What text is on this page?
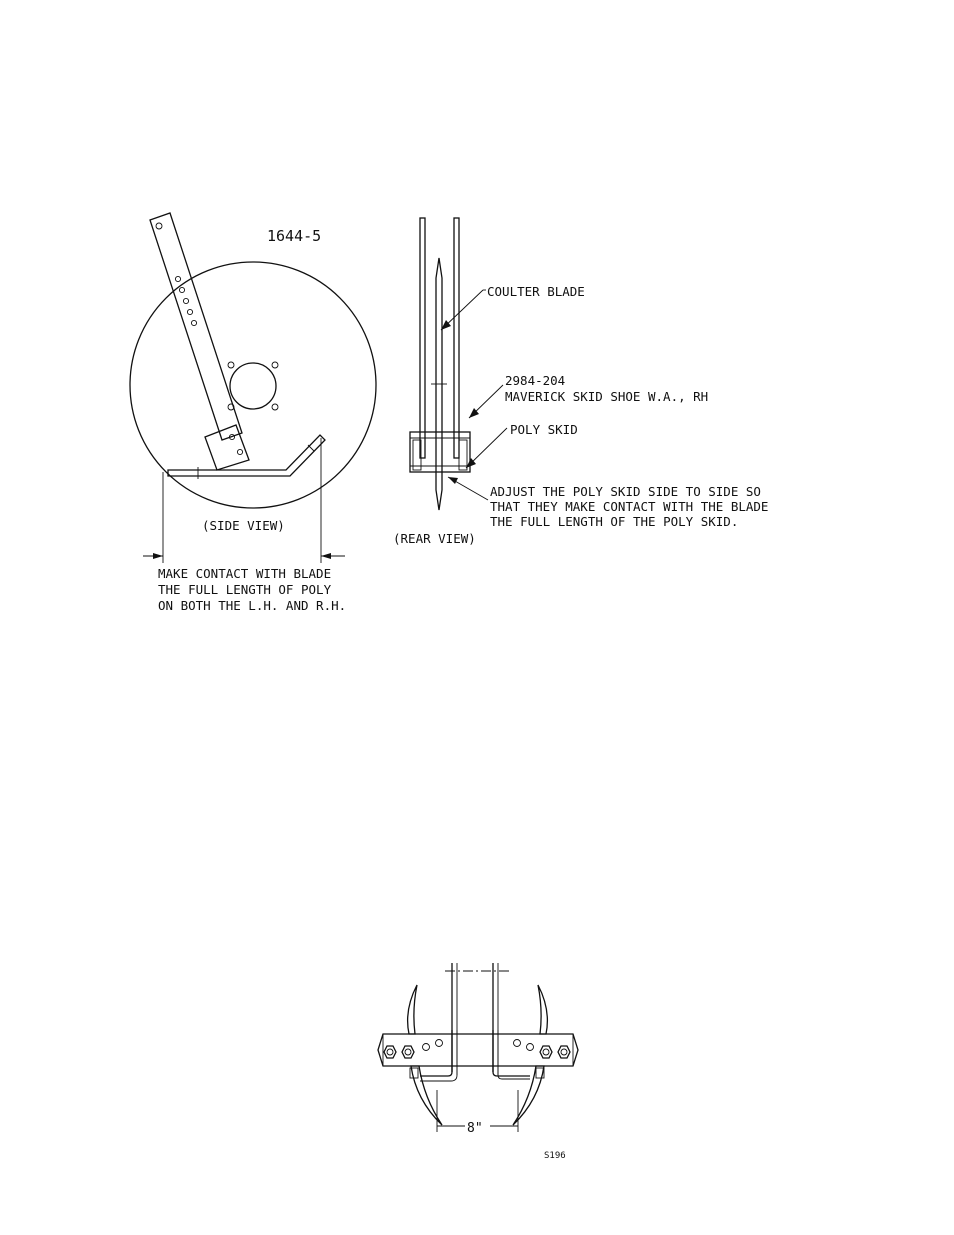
1644-5
COULTER BLADE
2984-204
MAVERICK SKID SHOE W.A., RH
POLY SKID
ADJUST THE POLY SKID SIDE TO SIDE SO
THAT THEY MAKE CONTACT WITH THE BLADE
THE FULL LENGTH OF THE POLY SKID.
(SIDE VIEW)
(REAR VIEW)
MAKE CONTACT WITH BLADE
THE FULL LENGTH OF POLY
ON BOTH THE L.H. AND R.H.
8"
S196
